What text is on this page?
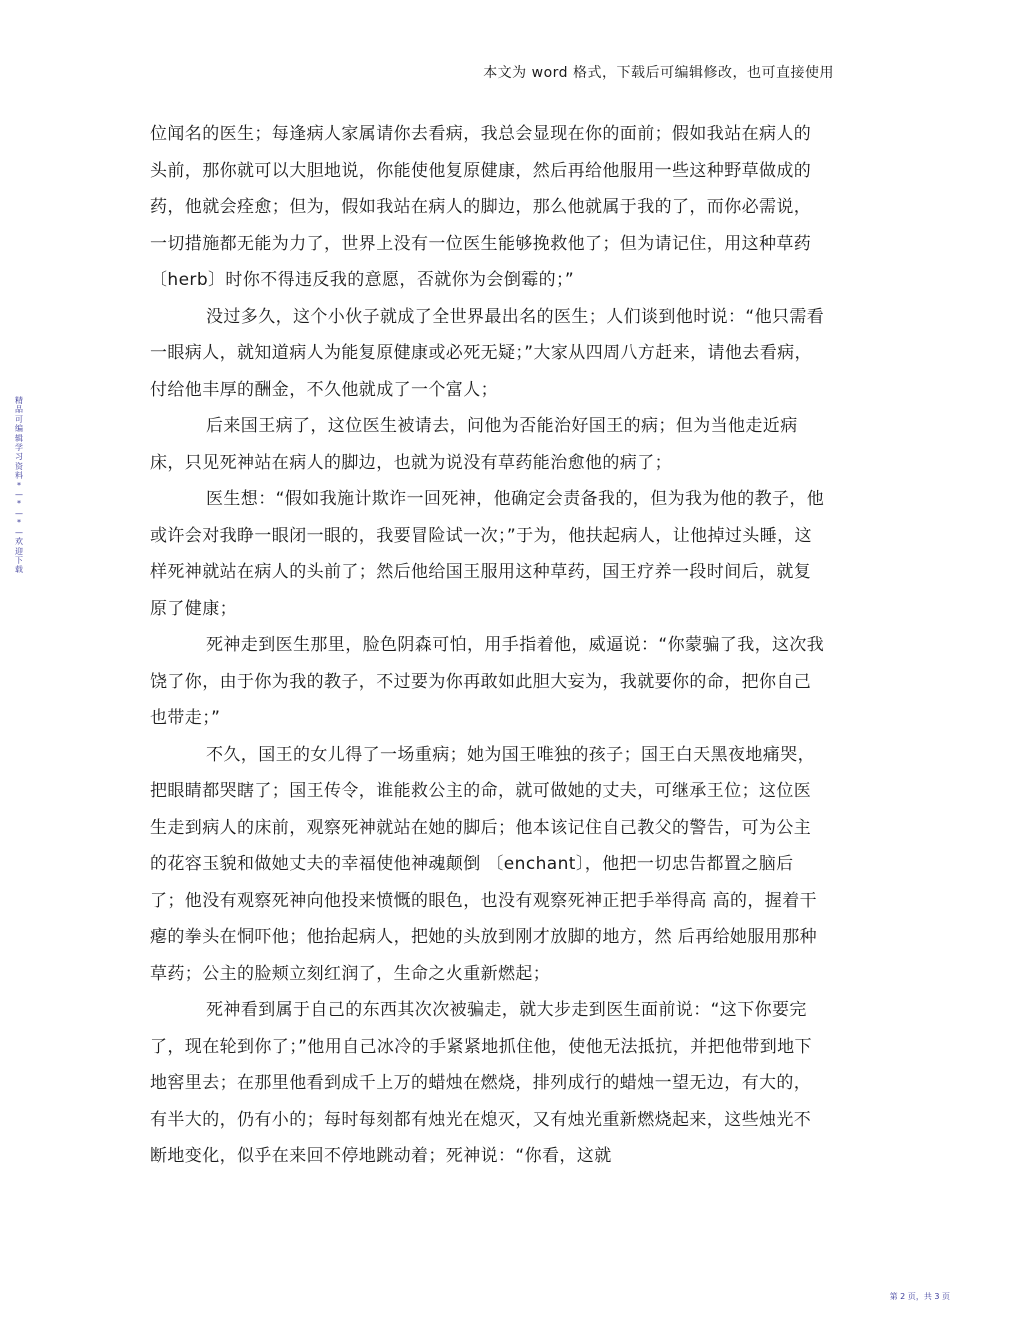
本文为 word 格式，下载后可编辑修改，也可直接使用
精品可编辑学习资料*—*—*—欢迎下载

位闻名的医生；每逢病人家属请你去看病，我总会显现在你的面前；假如我站在病人的头前，那你就可以大胆地说，你能使他复原健康，然后再给他服用一些这种野草做成的药，他就会痊愈；但为，假如我站在病人的脚边，那么他就属于我的了，而你必需说，一切措施都无能为力了，世界上没有一位医生能够挽救他了；但为请记住，用这种草药 〔herb〕时你不得违反我的意愿，否就你为会倒霉的；”

没过多久，这个小伙子就成了全世界最出名的医生；人们谈到他时说：“他只需看一眼病人，就知道病人为能复原健康或必死无疑；”大家从四周八方赶来，请他去看病，付给他丰厚的酬金，不久他就成了一个富人；

后来国王病了，这位医生被请去，问他为否能治好国王的病；但为当他走近病床，只见死神站在病人的脚边，也就为说没有草药能治愈他的病了；

医生想：“假如我施计欺诈一回死神，他确定会责备我的，但为我为他的教子，他或许会对我睁一眼闭一眼的，我要冒险试一次；”于为，他扶起病人，让他掉过头睡，这样死神就站在病人的头前了；然后他给国王服用这种草药，国王疗养一段时间后，就复原了健康；

死神走到医生那里，脸色阴森可怕，用手指着他，威逼说：“你蒙骗了我，这次我饶了你，由于你为我的教子，不过要为你再敢如此胆大妄为，我就要你的命，把你自己也带走；”

不久，国王的女儿得了一场重病；她为国王唯独的孩子；国王白天黑夜地痛哭，把眼睛都哭瞎了；国王传令，谁能救公主的命，就可做她的丈夫，可继承王位；这位医生走到病人的床前，观察死神就站在她的脚后；他本该记住自己教父的警告，可为公主的花容玉貌和做她丈夫的幸福使他神魂颠倒 〔enchant〕，他把一切忠告都置之脑后了；他没有观察死神向他投来愤慨的眼色，也没有观察死神正把手举得高 高的，握着干瘪的拳头在恫吓他；他抬起病人，把她的头放到刚才放脚的地方，然 后再给她服用那种草药；公主的脸颊立刻红润了，生命之火重新燃起；

死神看到属于自己的东西其次次被骗走，就大步走到医生面前说：“这下你要完了，现在轮到你了；”他用自己冰冷的手紧紧地抓住他，使他无法抵抗，并把他带到地下地窖里去；在那里他看到成千上万的蜡烛在燃烧，排列成行的蜡烛一望无边，有大的，有半大的，仍有小的；每时每刻都有烛光在熄灭，又有烛光重新燃烧起来，这些烛光不断地变化，似乎在来回不停地跳动着；死神说：“你看，这就

第 2 页，共 3 页
